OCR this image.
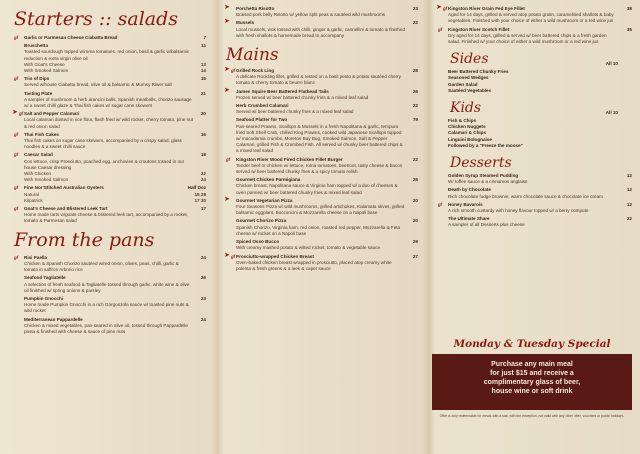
Starters :: salads
gf Garlic or Parmesan Cheese Ciabatta Bread	7
Bruschetta	11
Toasted sourdough topped w/roma tomatoes, red onion, basil & garlic w/balsamic reduction & extra virgin olive oil
With Goat's Cheese	13
With Smoked Salmon	14
gf Trio of Dips	15
Served w/house Ciabatta bread, olive oil & balsamic & Mumsy Riwer salt
Tasting Plate	21
A sampler of mushroom & herb arancini balls, Spanish meatballs, chorizo sausage w/ a sweet chilli glaze & Thai fish cakes w/ sugar cane skewers
➤ gf Salt and Pepper Calamari	20
Local calamari dusted in rice flour, flash fried w/ wild rocket, cherry tomato, pine nut & red onion salad
gf Thai Fish Cakes	16
Thai fish cakes on sugar cane skewers, accompanied by a crispy salad, glass noodles & a sweet chilli sauce
gf Caesar Salad	18
Cos lettuce, crisp Prosciutto, poached egg, anchovies & croutons tossed in our house Caesar dressing
With Chicken	22
With Smoked Salmon	24
gf Fine Nor'Stitched Australian Oysters	Half Doz
Natural	15 28
Kilpatrick	17 30
gf Goat's Cheese and Blistered Leek Tart	17
Home made tarts w/goats cheese & blistered leek tart, accompanied by a rocket, tomato & Parmesan salad
From the pans
gf Risi Paella	24
Chicken & Spanish Chorizo sautéed w/red onion, olives, peas, chilli, garlic & tomato in saffron Arborio rice
Seafood Tagliatelle	26
A selection of fresh seafood & Tagliatelle tossed through garlic, white wine & olive oil finished w/ spring onions & parsley
Pumpkin Gnocchi	23
Home made Pumpkin Gnocchi in a rich Gorgonzola sauce w/ toasted pine nuts & wild rocket
Mediterranean Pappardelle	24
Chicken & mixed vegetables, pan-seared in olive oil, tossed through Pappardelle pasta & finished with cheese & sauce of pine nuts
➤ Porchetta Risotto	23
Braised pork belly Risotto w/ yellow split peas & sautéed wild mushrooms
➤ Mussels	22
Local mussels, wok tossed with chilli, ginger & garlic, cannellini & tomato & finished with fresh shallots & homemade bread to accompany
Mains
➤ gf Grilled Rock Ling	28
A delicate Rockling fillet, grilled & rested on a basil pesto & potato sautéed cherry tomato & cherry tomato & beurre blanc
➤ James Squire Beer Battered Flathead Tails	26
Frozen served w/ beer battered chunky fries & a mixed leaf salad
Herb Crumbed Calamari	22
Served w/ beer battered chunky fries & a mixed leaf salad
Seafood Platter for Two	79
Pan-seared Prawns, Scallops & Mussels in a fresh Napolitana & garlic, tempura fried Soft Shell Crab, chilled King Prawns, cooked wild Japanese Scallops topped w/ macadamia crumbs, Moreton Bay Bug, Smoked Salmon, Salt & Pepper Calamari, grilled Fish & Crumbed Fish. All served w/ chunky beer battered chips & a mixed leaf salad
gf Kingston River Wood Fired Chicken Fillet Burger	22
Tender beef or chicken w/ lettuce, roma tomatoes, beetroot, tasty cheese & bacon served w/ beer battered chunky fries & a spicy tomato relish
Gourmet Chicken Parmigiana	25
Chicken breast, Napolitana sauce & Virginia ham topped w/ a duo of cheeses & oven panned w/ beer battered chunky fries & mixed leaf salad
➤ Gourmet Vegetarian Pizza	20
Four Seasons Pizza w/ wild mushrooms, grilled artichokes, Kalamata olives, grilled balsamic eggplant, Bocconcini & Mozzarella cheese on a Napoli base
Gourmet Chorizo Pizza	20
Spanish Chorizo, Virginia ham, red onion, roasted red pepper, Mozzarella & Feta cheese w/ rocket on a Napoli base
Spiced Osso Bucco	29
With creamy mashed potato & wilted rocket, tomato & vegetable sauce
➤ gf Prosciutto-wrapped Chicken Breast	27
Oven-baked chicken breast wrapped in prosciutto, placed atop creamy white polenta & fresh greens & a leek & caper sauce
➤ gf Kingston River Grain Fed Eye Fillet	38
Aged for 14 days, grilled & served atop potato gratin, caramelised shallots & baby vegetables. Finished with your choice of either a wild mushroom or a red wine jus
gf Kingston River Scotch Fillet	35
Dry aged for 14 days, grilled & served w/ beer battered chips & a fresh garden salad. Finished w/ your choice of either a wild mushroom or a red wine jus
Sides	All 10
Beer Battered Chunky Fries
Seasoned Wedges
Garden Salad
Sautéed Vegetables
Kids	All 10
Fish & Chips
Chicken Nuggets
Calamari & Chips
Linguini Bolognaise
Followed by a "Freeze the moose"
Desserts
Golden Syrup Steamed Pudding	12
W/ toffee sauce & a cinnamon anglaise
Death by Chocolate	12
Rich chocolate fudge brownie, warm chocolate sauce & chocolate ice cream
gf Honey Bavarois	12
A rich smooth custardy with honey flavour topped w/ a berry compote
The Ultimate Share	22
A sampler of all Desserts plus cheese
Monday & Tuesday Special
Purchase any main meal
for just $15 and receive a
complimentary glass of beer,
house wine or soft drink
Offer is only redeemable for meals with a star, with the exception, not valid with any other offer, vouchers or public holidays.
